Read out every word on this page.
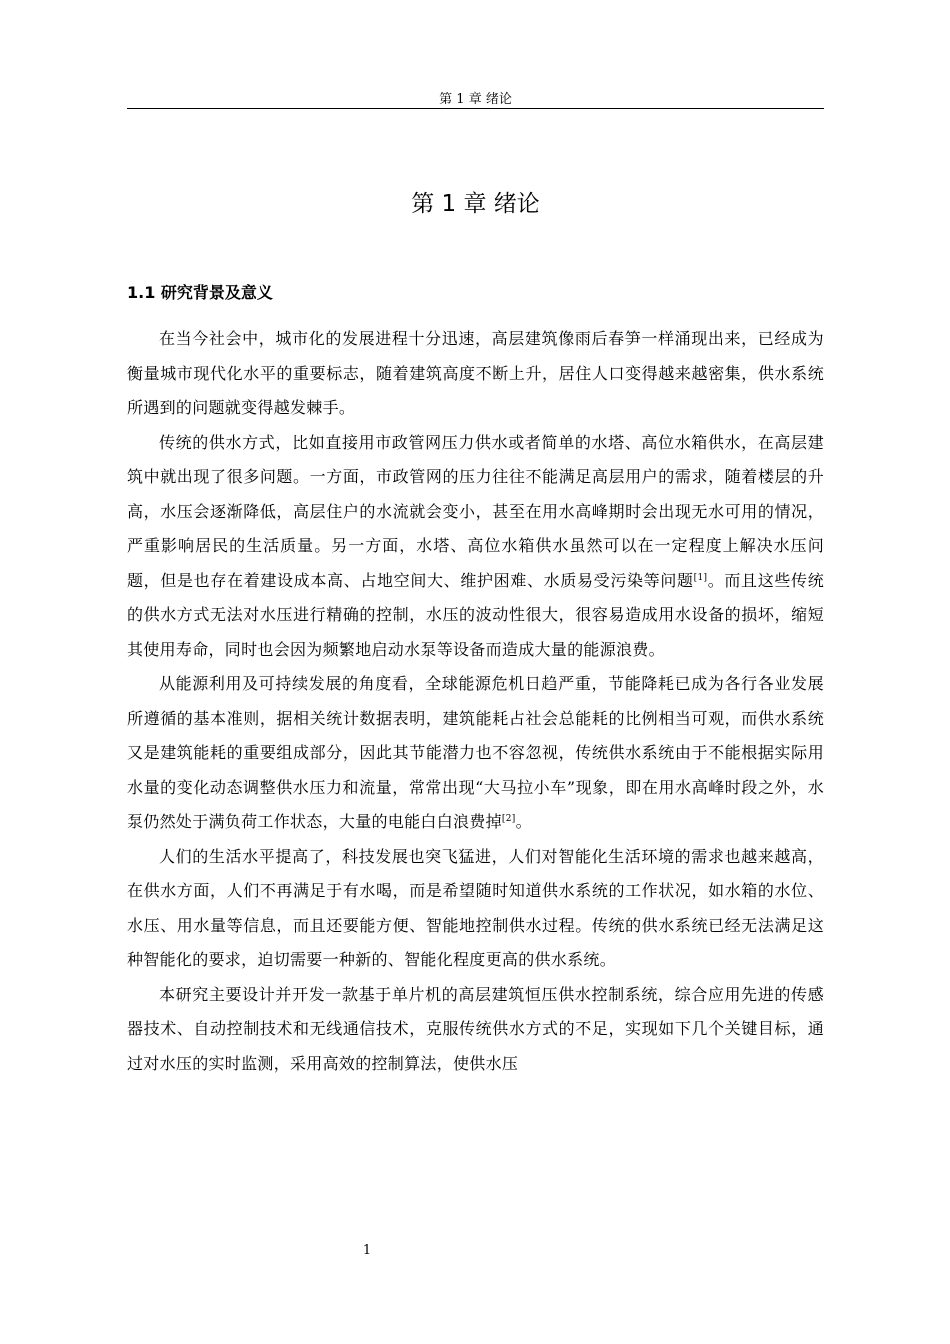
第 1 章 绪论
第 1 章 绪论
1.1 研究背景及意义

在当今社会中，城市化的发展进程十分迅速，高层建筑像雨后春笋一样涌现出来，已经成为衡量城市现代化水平的重要标志，随着建筑高度不断上升，居住人口变得越来越密集，供水系统所遇到的问题就变得越发棘手。

传统的供水方式，比如直接用市政管网压力供水或者简单的水塔、高位水箱供水，在高层建筑中就出现了很多问题。一方面，市政管网的压力往往不能满足高层用户的需求，随着楼层的升高，水压会逐渐降低，高层住户的水流就会变小，甚至在用水高峰期时会出现无水可用的情况，严重影响居民的生活质量。另一方面，水塔、高位水箱供水虽然可以在一定程度上解决水压问题，但是也存在着建设成本高、占地空间大、维护困难、水质易受污染等问题[1]。而且这些传统的供水方式无法对水压进行精确的控制，水压的波动性很大，很容易造成用水设备的损坏，缩短其使用寿命，同时也会因为频繁地启动水泵等设备而造成大量的能源浪费。

从能源利用及可持续发展的角度看，全球能源危机日趋严重，节能降耗已成为各行各业发展所遵循的基本准则，据相关统计数据表明，建筑能耗占社会总能耗的比例相当可观，而供水系统又是建筑能耗的重要组成部分，因此其节能潜力也不容忽视，传统供水系统由于不能根据实际用水量的变化动态调整供水压力和流量，常常出现“大马拉小车”现象，即在用水高峰时段之外，水泵仍然处于满负荷工作状态，大量的电能白白浪费掉[2]。

人们的生活水平提高了，科技发展也突飞猛进，人们对智能化生活环境的需求也越来越高，在供水方面，人们不再满足于有水喝，而是希望随时知道供水系统的工作状况，如水箱的水位、水压、用水量等信息，而且还要能方便、智能地控制供水过程。传统的供水系统已经无法满足这种智能化的要求，迫切需要一种新的、智能化程度更高的供水系统。

本研究主要设计并开发一款基于单片机的高层建筑恒压供水控制系统，综合应用先进的传感器技术、自动控制技术和无线通信技术，克服传统供水方式的不足，实现如下几个关键目标，通过对水压的实时监测，采用高效的控制算法，使供水压

1
